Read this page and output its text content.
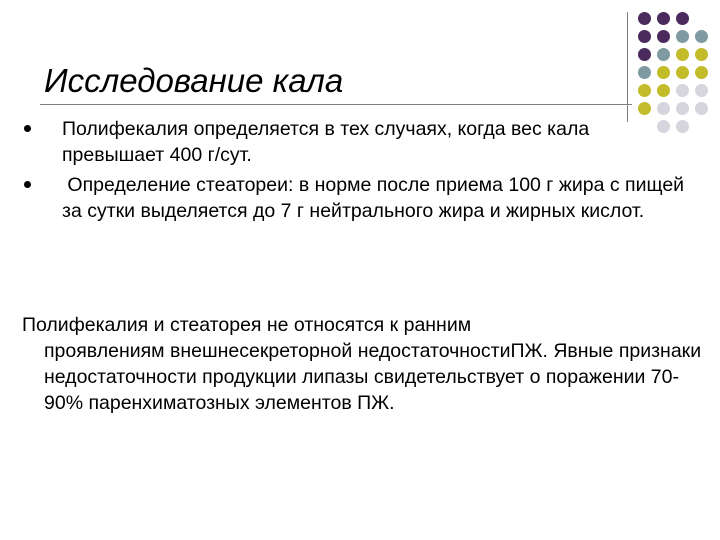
Исследование кала
Полифекалия определяется в тех случаях, когда вес кала превышает 400 г/сут.
Определение стеатореи: в норме после приема 100 г жира с пищей за сутки выделяется до 7 г нейтрального жира и жирных кислот.
Полифекалия и стеаторея не относятся к ранним
проявлениям внешнесекреторной недостаточностиПЖ. Явные признаки недостаточности продукции липазы свидетельствует о поражении 70-90% паренхиматозных элементов ПЖ.
